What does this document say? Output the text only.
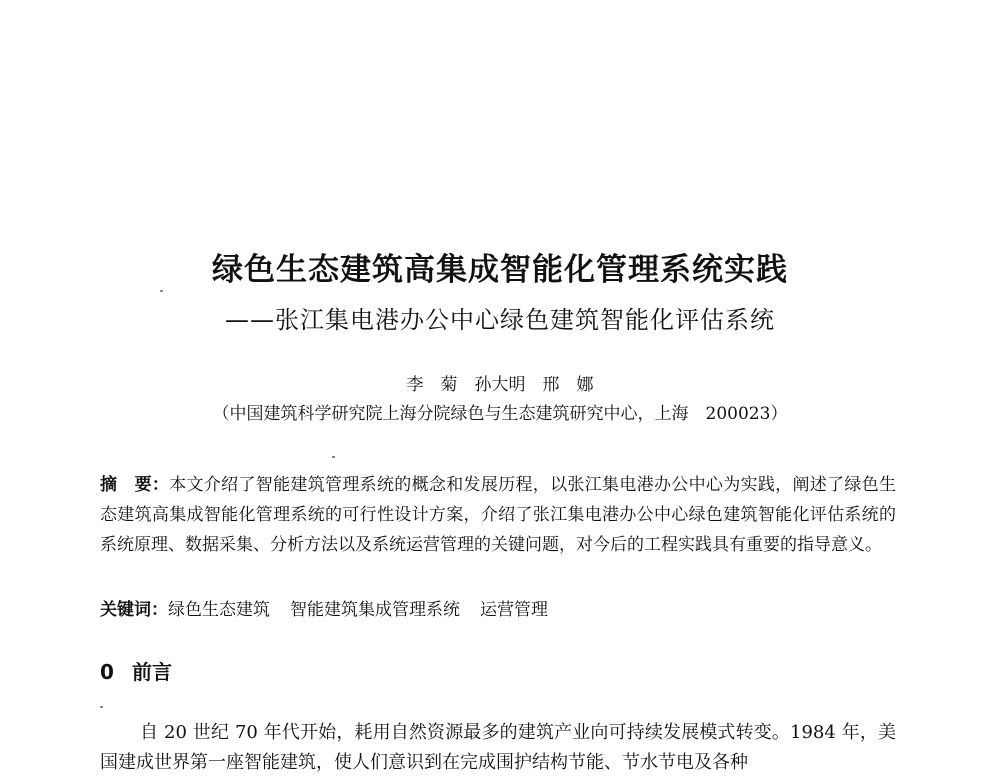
绿色生态建筑高集成智能化管理系统实践
——张江集电港办公中心绿色建筑智能化评估系统
李　菊　孙大明　邢　娜
（中国建筑科学研究院上海分院绿色与生态建筑研究中心，上海　200023）
摘　要：本文介绍了智能建筑管理系统的概念和发展历程，以张江集电港办公中心为实践，阐述了绿色生态建筑高集成智能化管理系统的可行性设计方案，介绍了张江集电港办公中心绿色建筑智能化评估系统的系统原理、数据采集、分析方法以及系统运营管理的关键问题，对今后的工程实践具有重要的指导意义。
关键词：绿色生态建筑 智能建筑集成管理系统 运营管理
0 前言
自 20 世纪 70 年代开始，耗用自然资源最多的建筑产业向可持续发展模式转变。1984 年，美国建成世界第一座智能建筑，使人们意识到在完成围护结构节能、节水节电及各种
